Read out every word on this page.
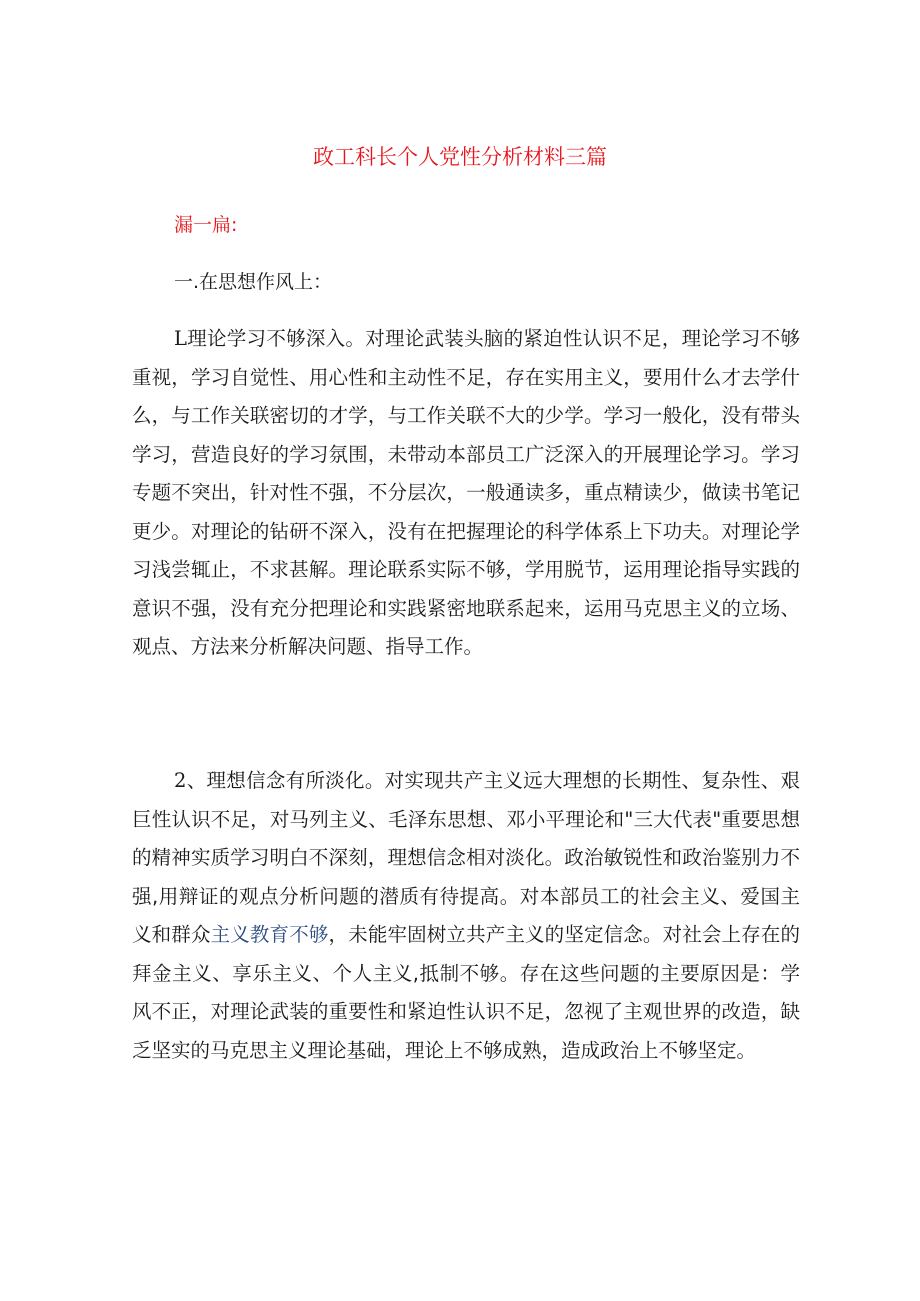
政工科长个人党性分析材料三篇
漏一扁:
一.在思想作风上：

L理论学习不够深入。对理论武装头脑的紧迫性认识不足，理论学习不够重视，学习自觉性、用心性和主动性不足，存在实用主义，要用什么才去学什么，与工作关联密切的才学，与工作关联不大的少学。学习一般化，没有带头学习，营造良好的学习氛围，未带动本部员工广泛深入的开展理论学习。学习专题不突出，针对性不强，不分层次，一般通读多，重点精读少，做读书笔记更少。对理论的钻研不深入，没有在把握理论的科学体系上下功夫。对理论学习浅尝辄止，不求甚解。理论联系实际不够，学用脱节，运用理论指导实践的意识不强，没有充分把理论和实践紧密地联系起来，运用马克思主义的立场、观点、方法来分析解决问题、指导工作。

2、理想信念有所淡化。对实现共产主义远大理想的长期性、复杂性、艰巨性认识不足，对马列主义、毛泽东思想、邓小平理论和"三大代表"重要思想的精神实质学习明白不深刻，理想信念相对淡化。政治敏锐性和政治鉴别力不强,用辩证的观点分析问题的潜质有待提高。对本部员工的社会主义、爱国主义和群众主义教育不够，未能牢固树立共产主义的坚定信念。对社会上存在的拜金主义、享乐主义、个人主义,抵制不够。存在这些问题的主要原因是：学风不正，对理论武装的重要性和紧迫性认识不足，忽视了主观世界的改造，缺乏坚实的马克思主义理论基础，理论上不够成熟，造成政治上不够坚定。
